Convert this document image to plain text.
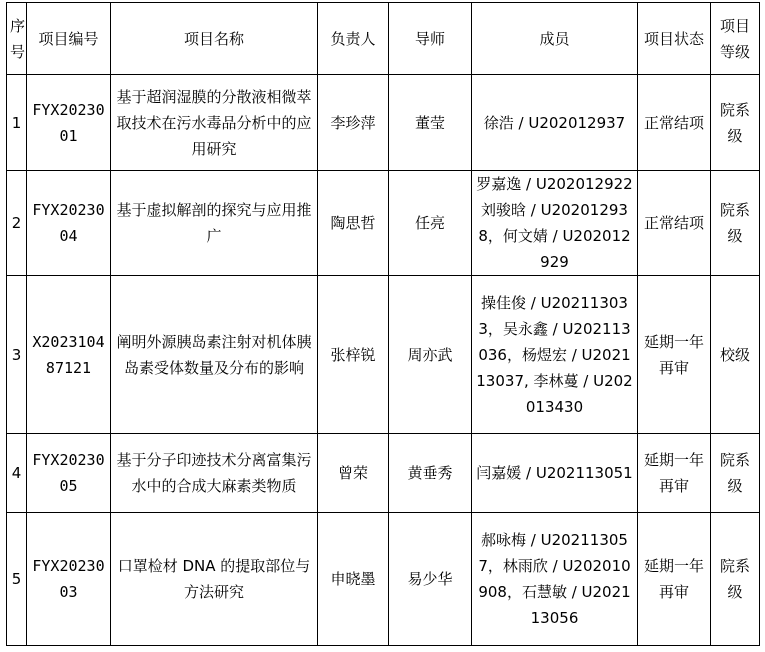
序号	项目编号	项目名称	负责人	导师	成员	项目状态	项目等级
1	FYX2023001	基于超润湿膜的分散液相微萃取技术在污水毒品分析中的应用研究	李珍萍	董莹	徐浩 / U202012937	正常结项	院系级
2	FYX2023004	基于虚拟解剖的探究与应用推广	陶思哲	任亮	罗嘉逸 / U202012922 刘骏晗 / U202012938，何文婧 / U202012929	正常结项	院系级
3	X202310487121	阐明外源胰岛素注射对机体胰岛素受体数量及分布的影响	张梓锐	周亦武	操佳俊 / U202113033，吴永鑫 / U202113036，杨煜宏 / U202113037, 李林蔓 / U202013430	延期一年再审	校级
4	FYX2023005	基于分子印迹技术分离富集污水中的合成大麻素类物质	曾荣	黄垂秀	闫嘉媛 / U202113051	延期一年再审	院系级
5	FYX2023003	口罩检材 DNA 的提取部位与方法研究	申晓墨	易少华	郝咏梅 / U202113057，林雨欣 / U202010908，石慧敏 / U202113056	延期一年再审	院系级
